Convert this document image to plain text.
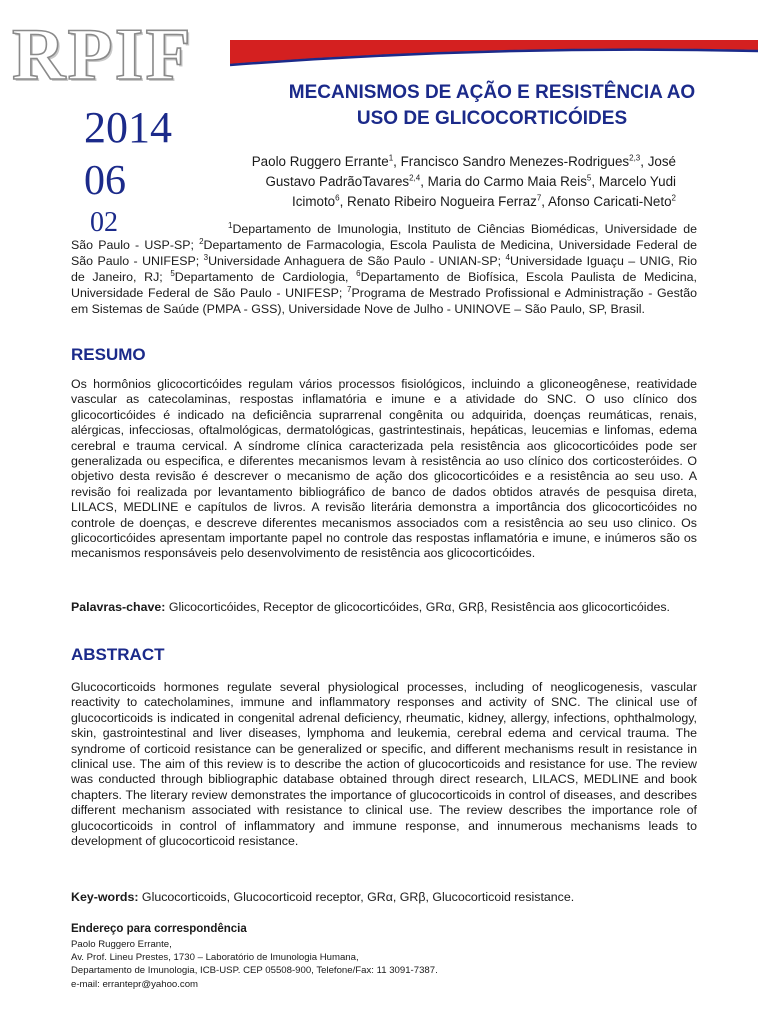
RPIF
2014
06
02
MECANISMOS DE AÇÃO E RESISTÊNCIA AO
USO DE GLICOCORTICÓIDES
Paolo Ruggero Errante$^1$, Francisco Sandro Menezes-Rodrigues$^{2,3}$, José Gustavo PadrãoTavares$^{2,4}$, Maria do Carmo Maia Reis$^5$, Marcelo Yudi Icimoto$^6$, Renato Ribeiro Nogueira Ferraz$^7$, Afonso Caricati-Neto$^2$
$^1$Departamento de Imunologia, Instituto de Ciências Biomédicas, Universidade de São Paulo - USP-SP; $^2$Departamento de Farmacologia, Escola Paulista de Medicina, Universidade Federal de São Paulo - UNIFESP; $^3$Universidade Anhaguera de São Paulo - UNIAN-SP; $^4$Universidade Iguaçu – UNIG, Rio de Janeiro, RJ; $^5$Departamento de Cardiologia, $^6$Departamento de Biofísica, Escola Paulista de Medicina, Universidade Federal de São Paulo - UNIFESP; $^7$Programa de Mestrado Profissional e Administração - Gestão em Sistemas de Saúde (PMPA - GSS), Universidade Nove de Julho - UNINOVE – São Paulo, SP, Brasil.
RESUMO
Os hormônios glicocorticóides regulam vários processos fisiológicos, incluindo a gliconeogênese, reatividade vascular as catecolaminas, respostas inflamatória e imune e a atividade do SNC. O uso clínico dos glicocorticóides é indicado na deficiência suprarrenal congênita ou adquirida, doenças reumáticas, renais, alérgicas, infecciosas, oftalmológicas, dermatológicas, gastrintestinais, hepáticas, leucemias e linfomas, edema cerebral e trauma cervical. A síndrome clínica caracterizada pela resistência aos glicocorticóides pode ser generalizada ou especifica, e diferentes mecanismos levam à resistência ao uso clínico dos corticosteróides. O objetivo desta revisão é descrever o mecanismo de ação dos glicocorticóides e a resistência ao seu uso. A revisão foi realizada por levantamento bibliográfico de banco de dados obtidos através de pesquisa direta, LILACS, MEDLINE e capítulos de livros. A revisão literária demonstra a importância dos glicocorticóides no controle de doenças, e descreve diferentes mecanismos associados com a resistência ao seu uso clinico. Os glicocorticóides apresentam importante papel no controle das respostas inflamatória e imune, e inúmeros são os mecanismos responsáveis pelo desenvolvimento de resistência aos glicocorticóides.
Palavras-chave: Glicocorticóides, Receptor de glicocorticóides, GRα, GRβ, Resistência aos glicocorticóides.
ABSTRACT
Glucocorticoids hormones regulate several physiological processes, including of neoglicogenesis, vascular reactivity to catecholamines, immune and inflammatory responses and activity of SNC. The clinical use of glucocorticoids is indicated in congenital adrenal deficiency, rheumatic, kidney, allergy, infections, ophthalmology, skin, gastrointestinal and liver diseases, lymphoma and leukemia, cerebral edema and cervical trauma. The syndrome of corticoid resistance can be generalized or specific, and different mechanisms result in resistance in clinical use. The aim of this review is to describe the action of glucocorticoids and resistance for use. The review was conducted through bibliographic database obtained through direct research, LILACS, MEDLINE and book chapters. The literary review demonstrates the importance of glucocorticoids in control of diseases, and describes different mechanism associated with resistance to clinical use. The review describes the importance role of glucocorticoids in control of inflammatory and immune response, and innumerous mechanisms leads to development of glucocorticoid resistance.
Key-words: Glucocorticoids, Glucocorticoid receptor, GRα, GRβ, Glucocorticoid resistance.
Endereço para correspondência
Paolo Ruggero Errante,
Av. Prof. Lineu Prestes, 1730 – Laboratório de Imunologia Humana,
Departamento de Imunologia, ICB-USP. CEP 05508-900, Telefone/Fax: 11 3091-7387.
e-mail: errantepr@yahoo.com
